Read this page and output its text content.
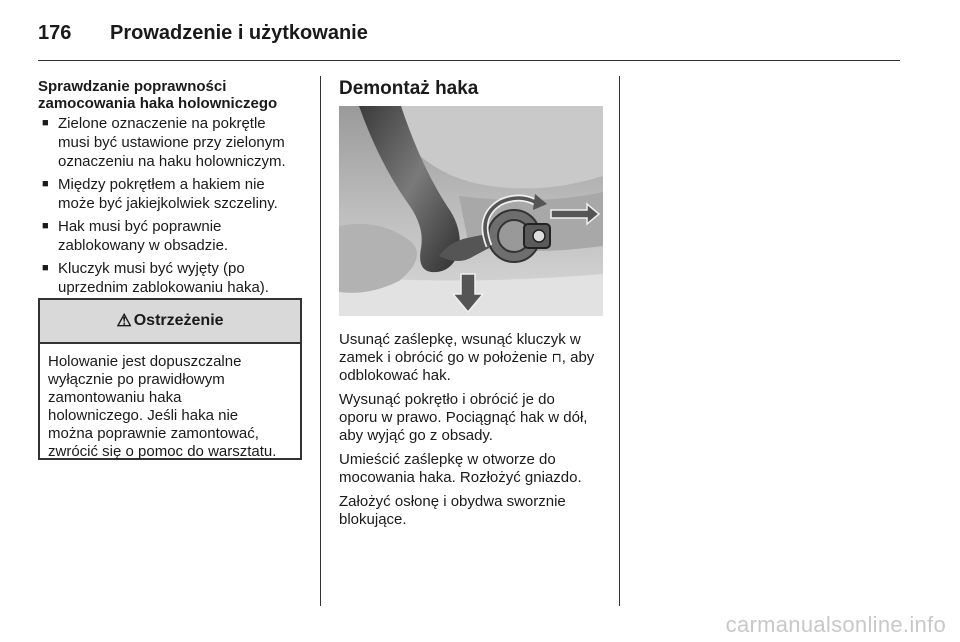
176	Prowadzenie i użytkowanie

Sprawdzanie poprawności
zamocowania haka holowniczego

■ Zielone oznaczenie na pokrętle
musi być ustawione przy zielonym
oznaczeniu na haku holowniczym.
■ Między pokrętłem a hakiem nie
może być jakiejkolwiek szczeliny.
■ Hak musi być poprawnie
zablokowany w obsadzie.
■ Kluczyk musi być wyjęty (po
uprzednim zablokowaniu haka).
⚠ Ostrzeżenie
Holowanie jest dopuszczalne
wyłącznie po prawidłowym
zamontowaniu haka
holowniczego. Jeśli haka nie
można poprawnie zamontować,
zwrócić się o pomoc do warsztatu.
Demontaż haka

Usunąć zaślepkę, wsunąć kluczyk w
zamek i obrócić go w położenie ⊓, aby
odblokować hak.

Wysunąć pokrętło i obrócić je do
oporu w prawo. Pociągnąć hak w dół,
aby wyjąć go z obsady.

Umieścić zaślepkę w otworze do
mocowania haka. Rozłożyć gniazdo.

Założyć osłonę i obydwa sworznie
blokujące.

carmanualsonline.info
